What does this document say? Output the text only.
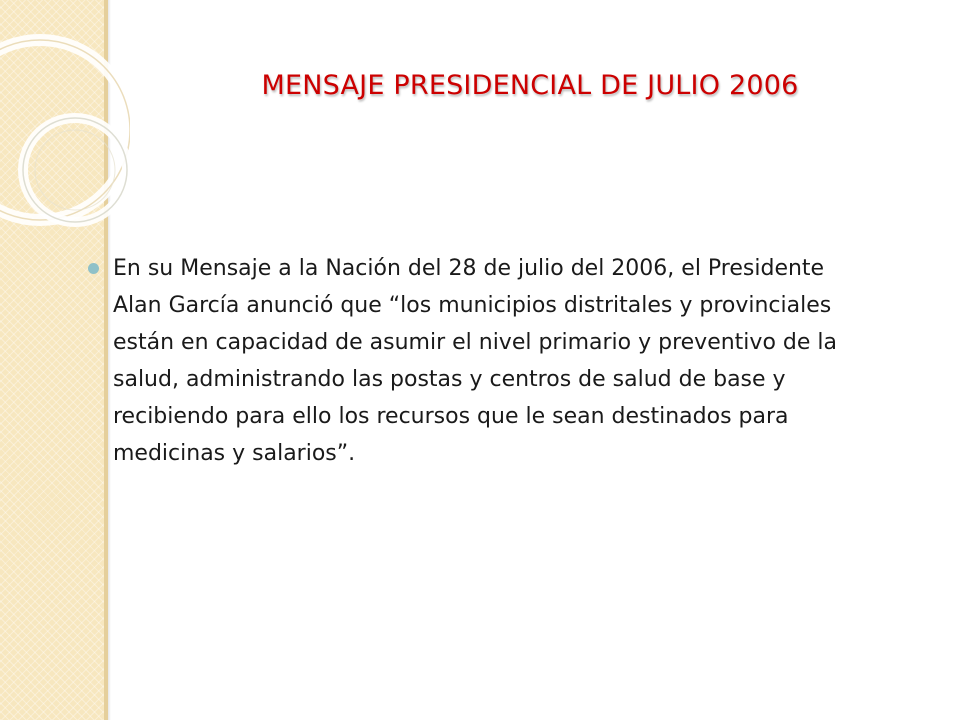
MENSAJE PRESIDENCIAL DE JULIO 2006
En su Mensaje a la Nación del 28 de julio del 2006, el Presidente Alan García anunció que “los municipios distritales y provinciales están en capacidad de asumir el nivel primario y preventivo de la salud, administrando las postas y centros de salud de base y recibiendo para ello los recursos que le sean destinados para medicinas y salarios”.
